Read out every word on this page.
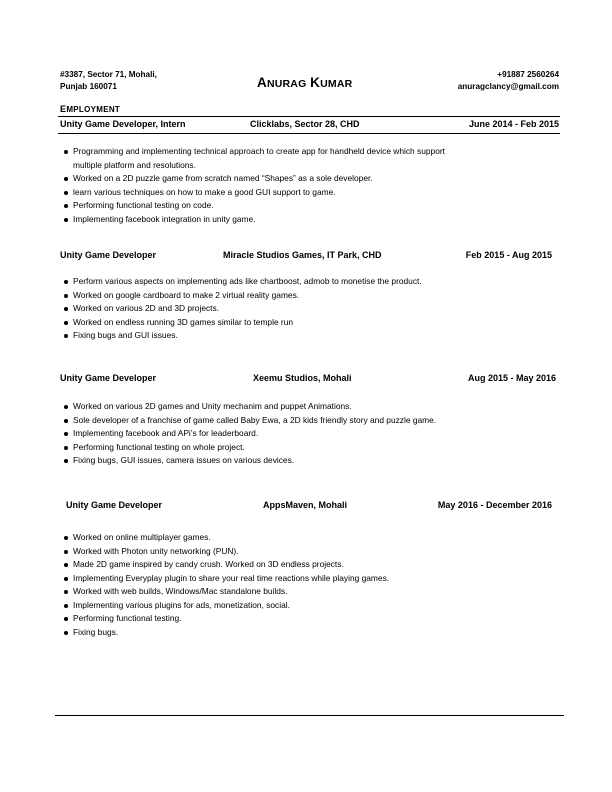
#3387, Sector 71, Mohali,
Punjab 160071	ANURAG KUMAR
+91887 2560264
anuragclancy@gmail.com
EMPLOYMENT
Unity Game Developer, Intern	Clicklabs, Sector 28, CHD	June 2014 - Feb 2015
Programming and implementing technical approach to create app for handheld device which support
multiple platform and resolutions.
Worked on a 2D puzzle game from scratch named “Shapes” as a sole developer.
learn various techniques on how to make a good GUI support to game.
Performing functional testing on code.
Implementing facebook integration in unity game.
Unity Game Developer	Miracle Studios Games, IT Park, CHD	Feb 2015 - Aug 2015
Perform various aspects on implementing ads like chartboost, admob to monetise the product.
Worked on google cardboard to make 2 virtual reality games.
Worked on various 2D and 3D projects.
Worked on endless running 3D games similar to temple run
Fixing bugs and GUI issues.
Unity Game Developer	Xeemu Studios, Mohali	Aug 2015 - May 2016
Worked on various 2D games and Unity mechanim and puppet Animations.
Sole developer of a franchise of game called Baby Ewa, a 2D kids friendly story and puzzle game.
Implementing facebook and APi’s for leaderboard.
Performing functional testing on whole project.
Fixing bugs, GUI issues, camera issues on various devices.
Unity Game Developer	AppsMaven, Mohali	May 2016 - December 2016
Worked on online multiplayer games.
Worked with Photon unity networking (PUN).
Made 2D game inspired by candy crush. Worked on 3D endless projects.
Implementing Everyplay plugin to share your real time reactions while playing games.
Worked with web builds, Windows/Mac standalone builds.
Implementing various plugins for ads, monetization, social.
Performing functional testing.
Fixing bugs.
